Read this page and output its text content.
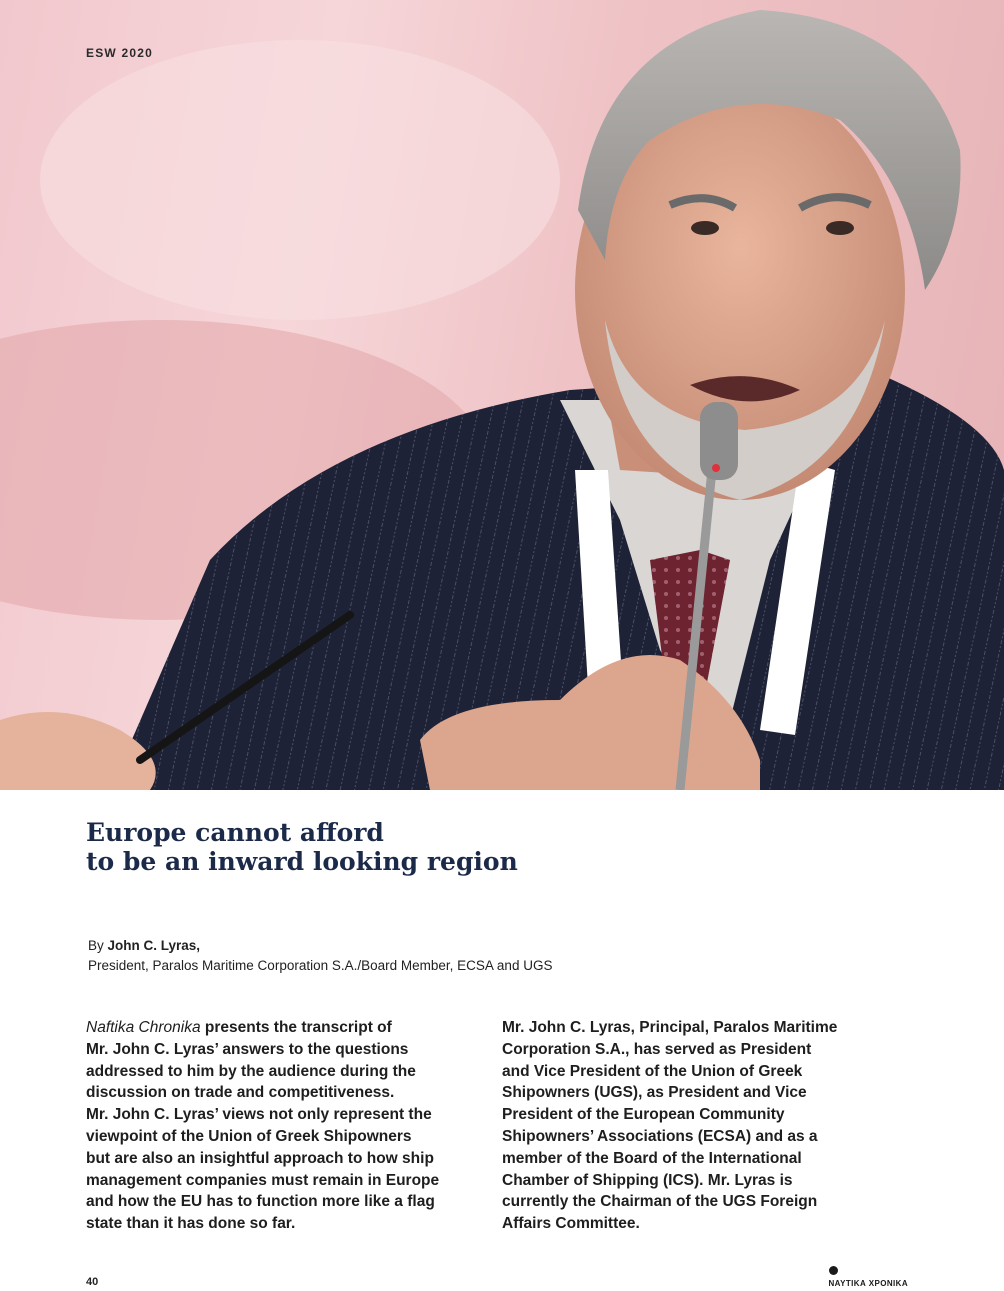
ESW 2020
Europe cannot afford
to be an inward looking region
By John C. Lyras,
President, Paralos Maritime Corporation S.A./Board Member, ECSA and UGS

Naftika Chronika presents the transcript of
Mr. John C. Lyras’ answers to the questions
addressed to him by the audience during the
discussion on trade and competitiveness.
Mr. John C. Lyras’ views not only represent the
viewpoint of the Union of Greek Shipowners
but are also an insightful approach to how ship
management companies must remain in Europe
and how the EU has to function more like a flag
state than it has done so far.

Mr. John C. Lyras, Principal, Paralos Maritime
Corporation S.A., has served as President
and Vice President of the Union of Greek
Shipowners (UGS), as President and Vice
President of the European Community
Shipowners’ Associations (ECSA) and as a
member of the Board of the International
Chamber of Shipping (ICS). Mr. Lyras is
currently the Chairman of the UGS Foreign
Affairs Committee.

40	ΝΑΥΤΙΚΑ ΧΡΟΝΙΚΑ
